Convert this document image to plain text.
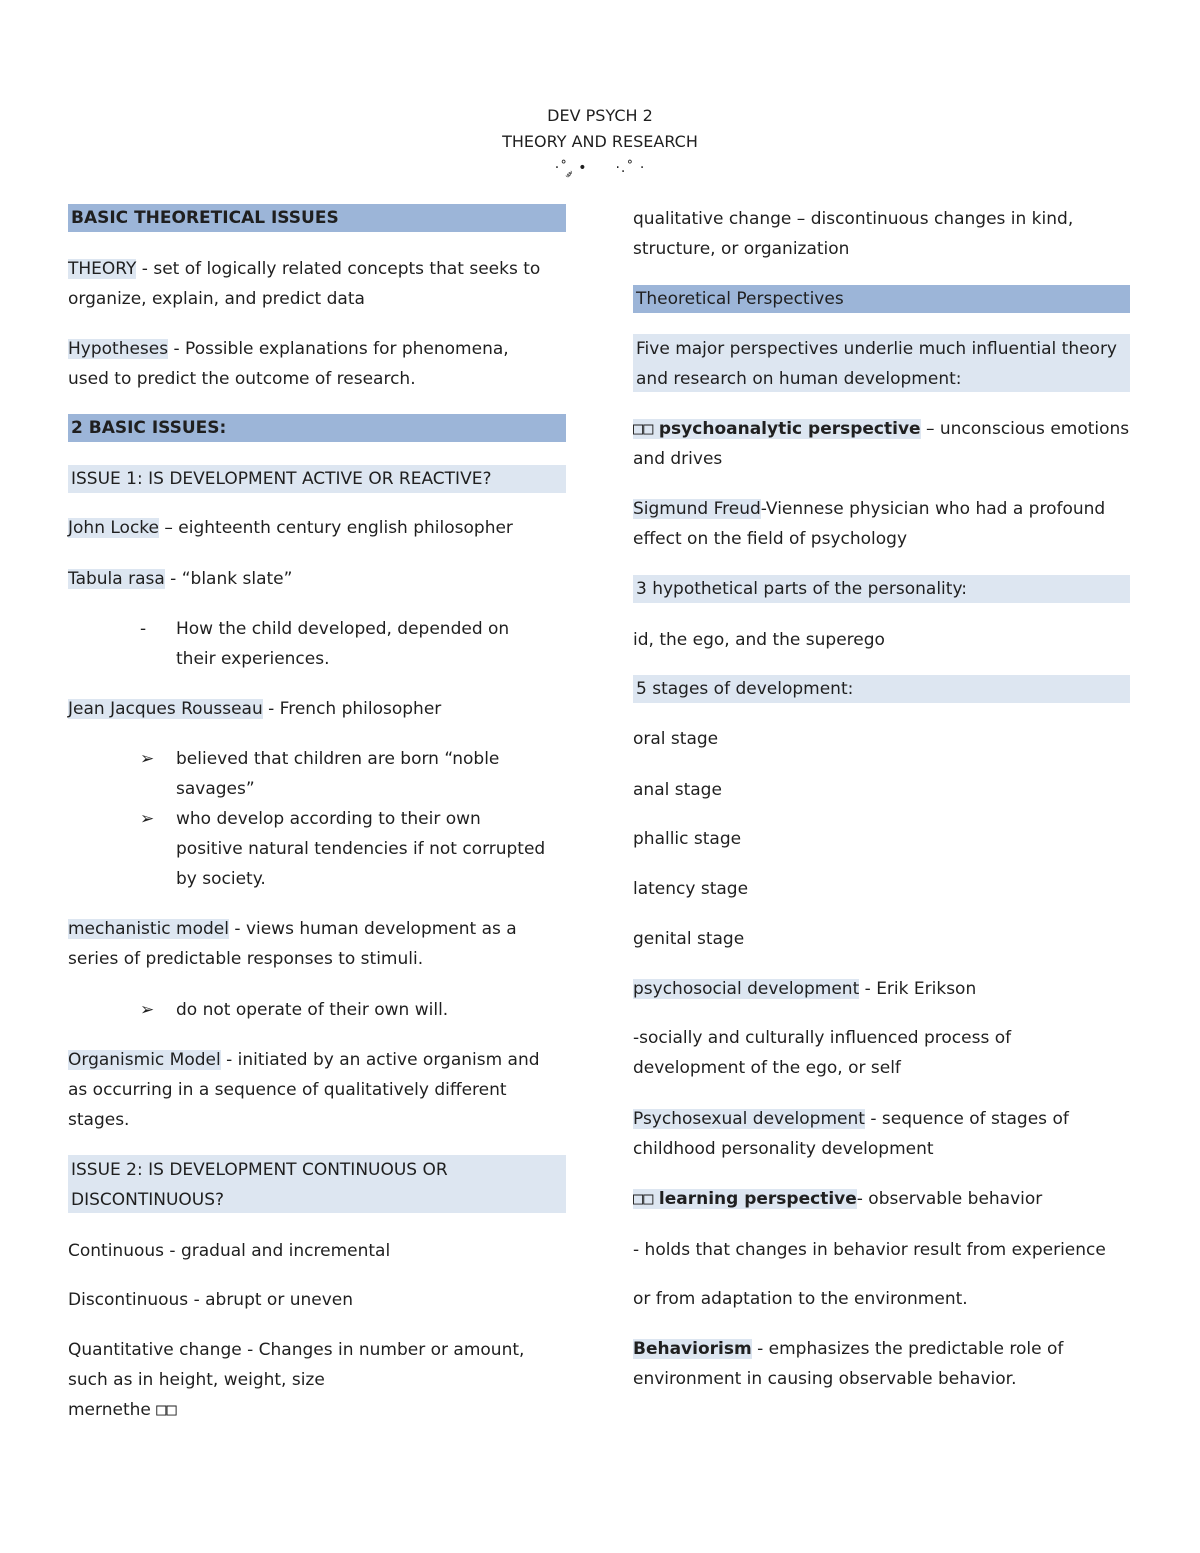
DEV PSYCH 2
THEORY AND RESEARCH
·˚ ༘ • ⠀⠀·.˚ ·
BASIC THEORETICAL ISSUES
THEORY - set of logically related concepts that seeks to
organize, explain, and predict data
Hypotheses - Possible explanations for phenomena,
used to predict the outcome of research.
2 BASIC ISSUES:
ISSUE 1: IS DEVELOPMENT ACTIVE OR REACTIVE?
John Locke – eighteenth century english philosopher
Tabula rasa - “blank slate”
-	How the child developed, depended on
their experiences.
Jean Jacques Rousseau - French philosopher
➢	believed that children are born “noble
savages”
➢	who develop according to their own
positive natural tendencies if not corrupted
by society.
mechanistic model - views human development as a
series of predictable responses to stimuli.
➢	do not operate of their own will.
Organismic Model - initiated by an active organism and
as occurring in a sequence of qualitatively different
stages.
ISSUE 2: IS DEVELOPMENT CONTINUOUS OR
DISCONTINUOUS?
Continuous - gradual and incremental
Discontinuous - abrupt or uneven
Quantitative change - Changes in number or amount,
such as in height, weight, size
mernethe □□
qualitative change – discontinuous changes in kind,
structure, or organization
Theoretical Perspectives
Five major perspectives underlie much influential theory
and research on human development:
□□ psychoanalytic perspective – unconscious emotions
and drives
Sigmund Freud-Viennese physician who had a profound
effect on the field of psychology
3 hypothetical parts of the personality:
id, the ego, and the superego
5 stages of development:
oral stage
anal stage
phallic stage
latency stage
genital stage
psychosocial development - Erik Erikson
-socially and culturally influenced process of
development of the ego, or self
Psychosexual development - sequence of stages of
childhood personality development
□□ learning perspective- observable behavior
- holds that changes in behavior result from experience
or from adaptation to the environment.
Behaviorism - emphasizes the predictable role of
environment in causing observable behavior.
